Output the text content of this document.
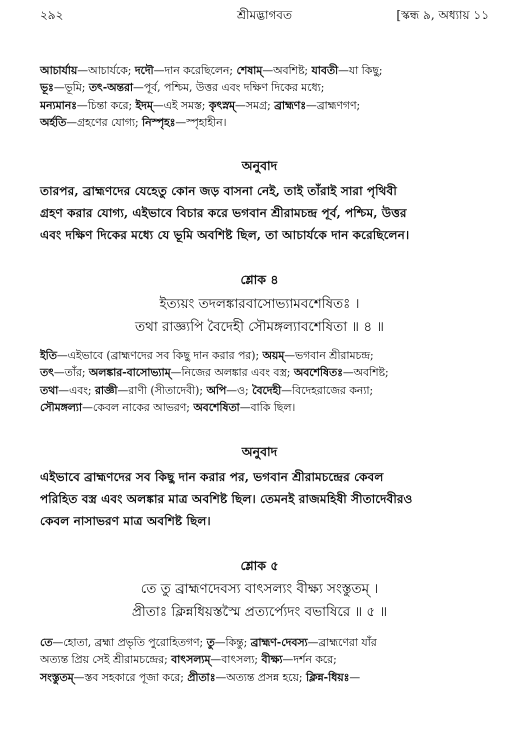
২৯২	শ্রীমদ্ভাগবত	[স্কন্ধ ৯, অধ্যায় ১১
আচার্যায়—আচার্যকে; দদৌ—দান করেছিলেন; শেষাম্—অবশিষ্ট; যাবতী—যা কিছু;
ভূঃ—ভূমি; তৎ-অন্তরা—পূর্ব, পশ্চিম, উত্তর এবং দক্ষিণ দিকের মধ্যে;
মন্যমানঃ—চিন্তা করে; ইদম্—এই সমস্ত; কৃৎস্নম্—সমগ্র; ব্রাহ্মণঃ—ব্রাহ্মণগণ;
অর্হতি—গ্রহণের যোগ্য; নিস্পৃহঃ—স্পৃহাহীন।
অনুবাদ
তারপর, ব্রাহ্মণদের যেহেতু কোন জড় বাসনা নেই, তাই তাঁরাই সারা পৃথিবী
গ্রহণ করার যোগ্য, এইভাবে বিচার করে ভগবান শ্রীরামচন্দ্র পূর্ব, পশ্চিম, উত্তর
এবং দক্ষিণ দিকের মধ্যে যে ভূমি অবশিষ্ট ছিল, তা আচার্যকে দান করেছিলেন।
শ্লোক ৪
ইত্যয়ং তদলঙ্কারবাসোভ্যামবশেষিতঃ ।
তথা রাজ্ঞ্যপি বৈদেহী সৌমঙ্গল্যাবশেষিতা ॥ ৪ ॥
ইতি—এইভাবে (ব্রাহ্মণদের সব কিছু দান করার পর); অয়ম্—ভগবান শ্রীরামচন্দ্র;
তৎ—তাঁর; অলঙ্কার-বাসোভ্যাম্—নিজের অলঙ্কার এবং বস্ত্র; অবশেষিতঃ—অবশিষ্ট;
তথা—এবং; রাজ্ঞী—রাণী (সীতাদেবী); অপি—ও; বৈদেহী—বিদেহরাজের কন্যা;
সৌমঙ্গল্যা—কেবল নাকের আভরণ; অবশেষিতা—বাকি ছিল।
অনুবাদ
এইভাবে ব্রাহ্মণদের সব কিছু দান করার পর, ভগবান শ্রীরামচন্দ্রের কেবল
পরিহিত বস্ত্র এবং অলঙ্কার মাত্র অবশিষ্ট ছিল। তেমনই রাজমহিষী সীতাদেবীরও
কেবল নাসাভরণ মাত্র অবশিষ্ট ছিল।
শ্লোক ৫
তে তু ব্রাহ্মণদেবস্য বাৎসল্যং বীক্ষ্য সংস্তুতম্ ।
প্রীতাঃ ক্লিন্নধিয়স্তস্মৈ প্রত্যর্প্যেদং বভাষিরে ॥ ৫ ॥
তে—হোতা, ব্রহ্মা প্রভৃতি পুরোহিতগণ; তু—কিন্তু; ব্রাহ্মণ-দেবস্য—ব্রাহ্মণেরা যাঁর
অত্যন্ত প্রিয় সেই শ্রীরামচন্দ্রের; বাৎসল্যম্—বাৎসল্য; বীক্ষ্য—দর্শন করে;
সংস্তুতম্—স্তব সহকারে পূজা করে; প্রীতাঃ—অত্যন্ত প্রসন্ন হয়ে; ক্লিন্ন-ধিয়ঃ—
